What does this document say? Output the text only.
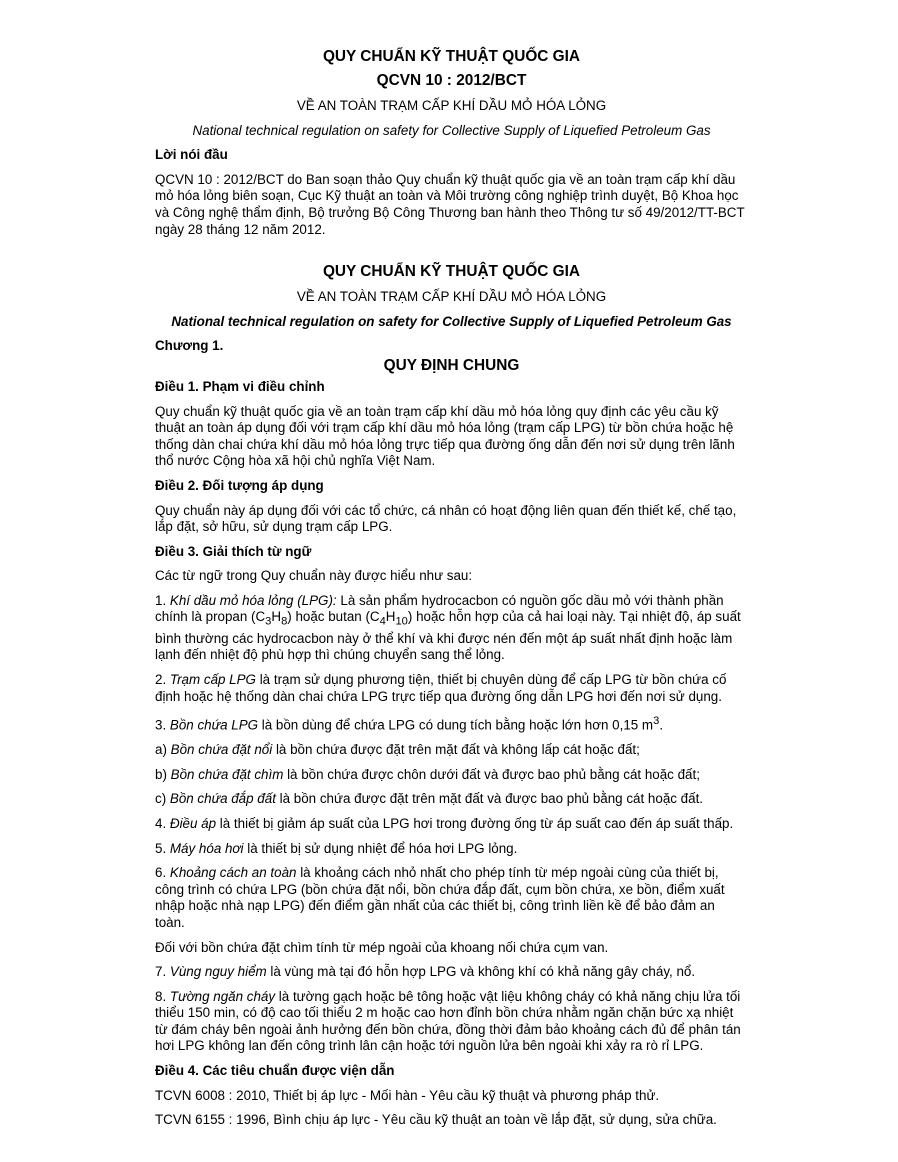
QUY CHUẨN KỸ THUẬT QUỐC GIA

QCVN 10 : 2012/BCT

VỀ AN TOÀN TRẠM CẤP KHÍ DẦU MỎ HÓA LỎNG

National technical regulation on safety for Collective Supply of Liquefied Petroleum Gas

Lời nói đầu

QCVN 10 : 2012/BCT do Ban soạn thảo Quy chuẩn kỹ thuật quốc gia về an toàn trạm cấp khí dầu mỏ hóa lỏng biên soạn, Cục Kỹ thuật an toàn và Môi trường công nghiệp trình duyệt, Bộ Khoa học và Công nghệ thẩm định, Bộ trưởng Bộ Công Thương ban hành theo Thông tư số 49/2012/TT-BCT ngày 28 tháng 12 năm 2012.

QUY CHUẨN KỸ THUẬT QUỐC GIA

VỀ AN TOÀN TRẠM CẤP KHÍ DẦU MỎ HÓA LỎNG

National technical regulation on safety for Collective Supply of Liquefied Petroleum Gas

Chương 1.

QUY ĐỊNH CHUNG

Điều 1. Phạm vi điều chỉnh

Quy chuẩn kỹ thuật quốc gia về an toàn trạm cấp khí dầu mỏ hóa lỏng quy định các yêu cầu kỹ thuật an toàn áp dụng đối với trạm cấp khí dầu mỏ hóa lỏng (trạm cấp LPG) từ bồn chứa hoặc hệ thống dàn chai chứa khí dầu mỏ hóa lỏng trực tiếp qua đường ống dẫn đến nơi sử dụng trên lãnh thổ nước Cộng hòa xã hội chủ nghĩa Việt Nam.

Điều 2. Đối tượng áp dụng

Quy chuẩn này áp dụng đối với các tổ chức, cá nhân có hoạt động liên quan đến thiết kế, chế tạo, lắp đặt, sở hữu, sử dụng trạm cấp LPG.

Điều 3. Giải thích từ ngữ

Các từ ngữ trong Quy chuẩn này được hiểu như sau:

1. Khí dầu mỏ hóa lỏng (LPG): Là sản phẩm hydrocacbon có nguồn gốc dầu mỏ với thành phần chính là propan $(C_3H_8)$ hoặc butan $(C_4H_{10})$ hoặc hỗn hợp của cả hai loại này. Tại nhiệt độ, áp suất bình thường các hydrocacbon này ở thể khí và khi được nén đến một áp suất nhất định hoặc làm lạnh đến nhiệt độ phù hợp thì chúng chuyển sang thể lỏng.

2. Trạm cấp LPG là trạm sử dụng phương tiện, thiết bị chuyên dùng để cấp LPG từ bồn chứa cố định hoặc hệ thống dàn chai chứa LPG trực tiếp qua đường ống dẫn LPG hơi đến nơi sử dụng.

3. Bồn chứa LPG là bồn dùng để chứa LPG có dung tích bằng hoặc lớn hơn 0,15 $m^3$.

a) Bồn chứa đặt nổi là bồn chứa được đặt trên mặt đất và không lấp cát hoặc đất;

b) Bồn chứa đặt chìm là bồn chứa được chôn dưới đất và được bao phủ bằng cát hoặc đất;

c) Bồn chứa đắp đất là bồn chứa được đặt trên mặt đất và được bao phủ bằng cát hoặc đất.

4. Điều áp là thiết bị giảm áp suất của LPG hơi trong đường ống từ áp suất cao đến áp suất thấp.

5. Máy hóa hơi là thiết bị sử dụng nhiệt để hóa hơi LPG lỏng.

6. Khoảng cách an toàn là khoảng cách nhỏ nhất cho phép tính từ mép ngoài cùng của thiết bị, công trình có chứa LPG (bồn chứa đặt nổi, bồn chứa đắp đất, cụm bồn chứa, xe bồn, điểm xuất nhập hoặc nhà nạp LPG) đến điểm gần nhất của các thiết bị, công trình liền kề để bảo đảm an toàn.

Đối với bồn chứa đặt chìm tính từ mép ngoài của khoang nối chứa cụm van.

7. Vùng nguy hiểm là vùng mà tại đó hỗn hợp LPG và không khí có khả năng gây cháy, nổ.

8. Tường ngăn cháy là tường gạch hoặc bê tông hoặc vật liệu không cháy có khả năng chịu lửa tối thiểu 150 min, có độ cao tối thiểu 2 m hoặc cao hơn đỉnh bồn chứa nhằm ngăn chặn bức xạ nhiệt từ đám cháy bên ngoài ảnh hưởng đến bồn chứa, đồng thời đảm bảo khoảng cách đủ để phân tán hơi LPG không lan đến công trình lân cận hoặc tới nguồn lửa bên ngoài khi xảy ra rò rỉ LPG.

Điều 4. Các tiêu chuẩn được viện dẫn

TCVN 6008 : 2010, Thiết bị áp lực - Mối hàn - Yêu cầu kỹ thuật và phương pháp thử.

TCVN 6155 : 1996, Bình chịu áp lực - Yêu cầu kỹ thuật an toàn về lắp đặt, sử dụng, sửa chữa.
